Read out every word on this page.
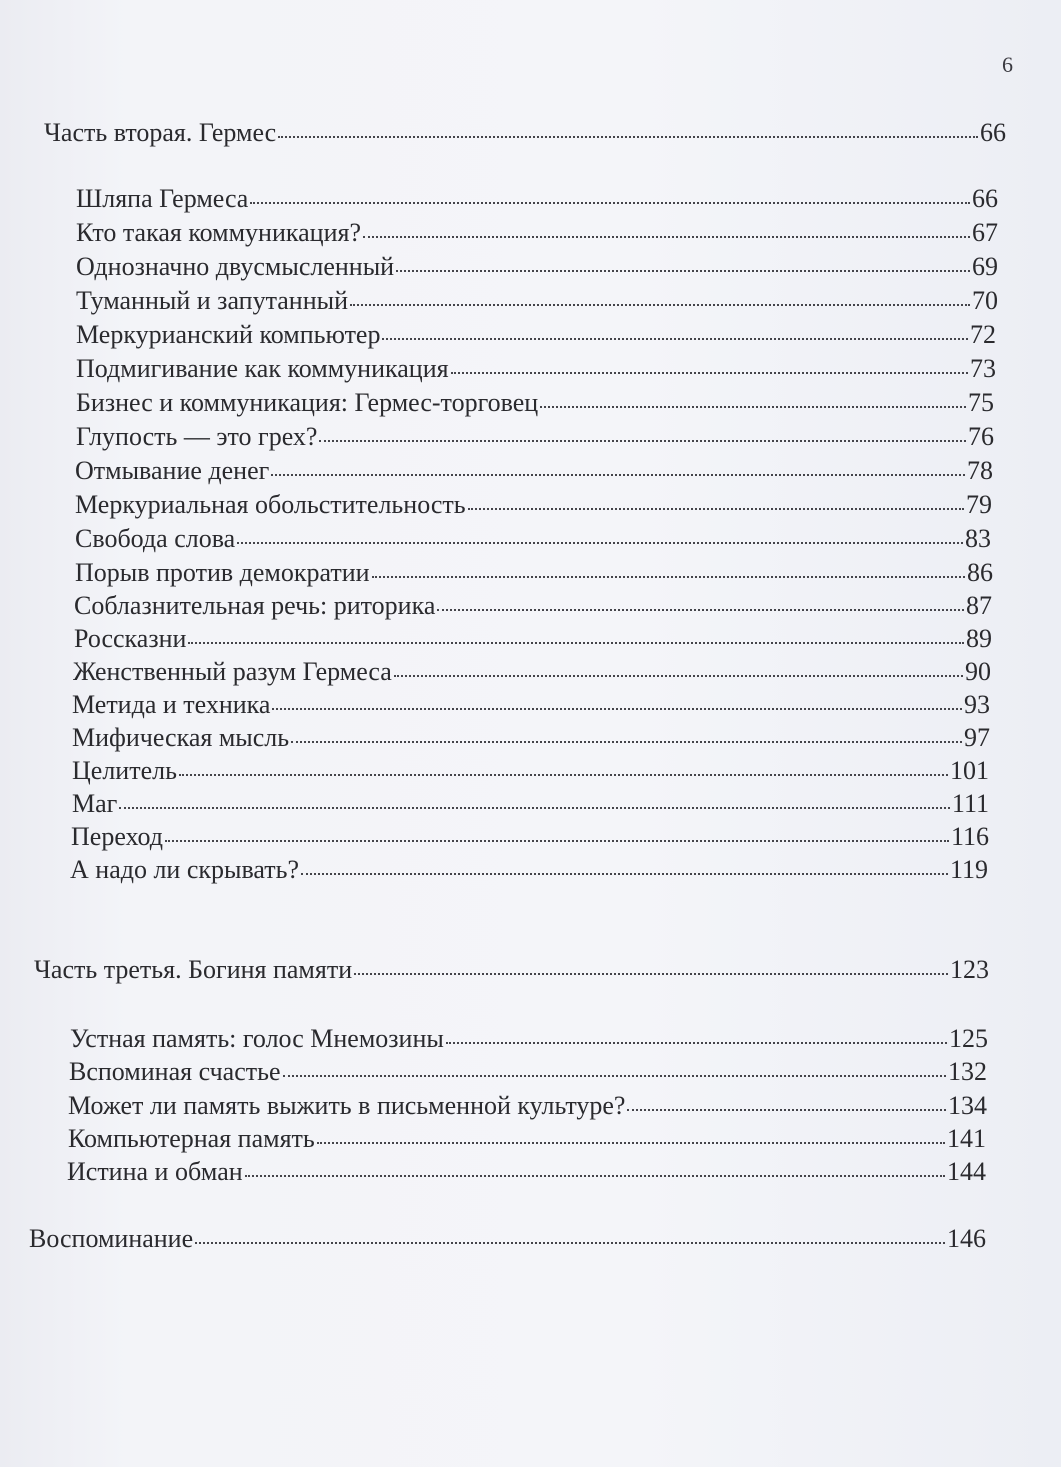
6
Часть вторая. Гермес	66
Шляпа Гермеса	66
Кто такая коммуникация?	67
Однозначно двусмысленный	69
Туманный и запутанный	70
Меркурианский компьютер	72
Подмигивание как коммуникация	73
Бизнес и коммуникация: Гермес-торговец	75
Глупость — это грех?	76
Отмывание денег	78
Меркуриальная обольстительность	79
Свобода слова	83
Порыв против демократии	86
Соблазнительная речь: риторика	87
Россказни	89
Женственный разум Гермеса	90
Метида и техника	93
Мифическая мысль	97
Целитель	101
Маг	111
Переход	116
А надо ли скрывать?	119
Часть третья. Богиня памяти	123
Устная память: голос Мнемозины	125
Вспоминая счастье	132
Может ли память выжить в письменной культуре?	134
Компьютерная память	141
Истина и обман	144
Воспоминание	146
